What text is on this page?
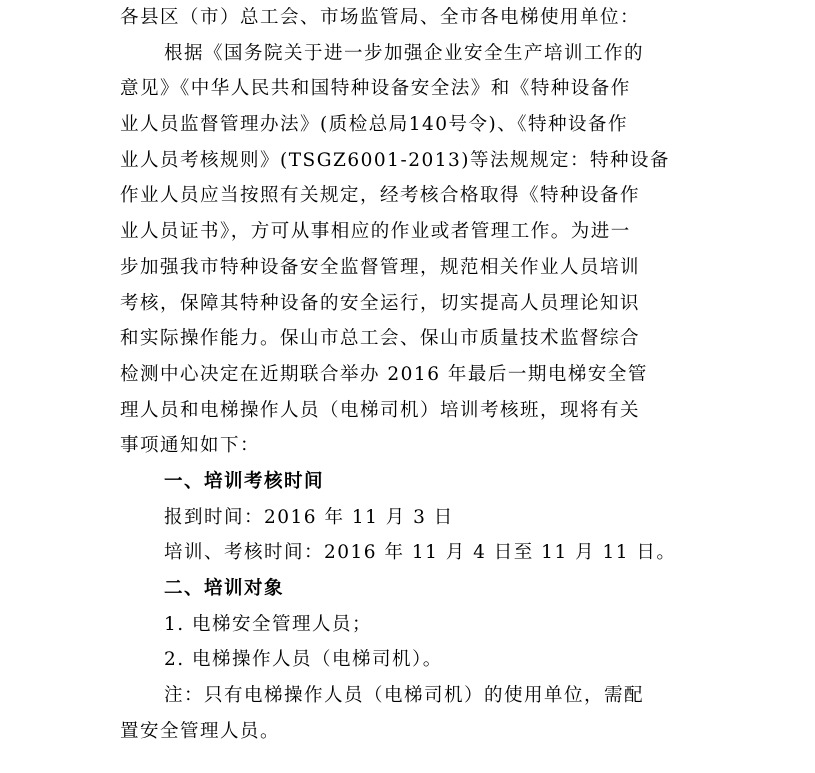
各县区（市）总工会、市场监管局、全市各电梯使用单位：
根据《国务院关于进一步加强企业安全生产培训工作的
意见》《中华人民共和国特种设备安全法》和《特种设备作
业人员监督管理办法》(质检总局140号令)、《特种设备作
业人员考核规则》(TSGZ6001-2013)等法规规定：特种设备
作业人员应当按照有关规定，经考核合格取得《特种设备作
业人员证书》，方可从事相应的作业或者管理工作。为进一
步加强我市特种设备安全监督管理，规范相关作业人员培训
考核，保障其特种设备的安全运行，切实提高人员理论知识
和实际操作能力。保山市总工会、保山市质量技术监督综合
检测中心决定在近期联合举办 2016 年最后一期电梯安全管
理人员和电梯操作人员（电梯司机）培训考核班，现将有关
事项通知如下：
一、培训考核时间
报到时间：2016 年 11 月 3 日
培训、考核时间：2016 年 11 月 4 日至 11 月 11 日。
二、培训对象
1. 电梯安全管理人员；
2. 电梯操作人员（电梯司机）。
注：只有电梯操作人员（电梯司机）的使用单位，需配
置安全管理人员。
